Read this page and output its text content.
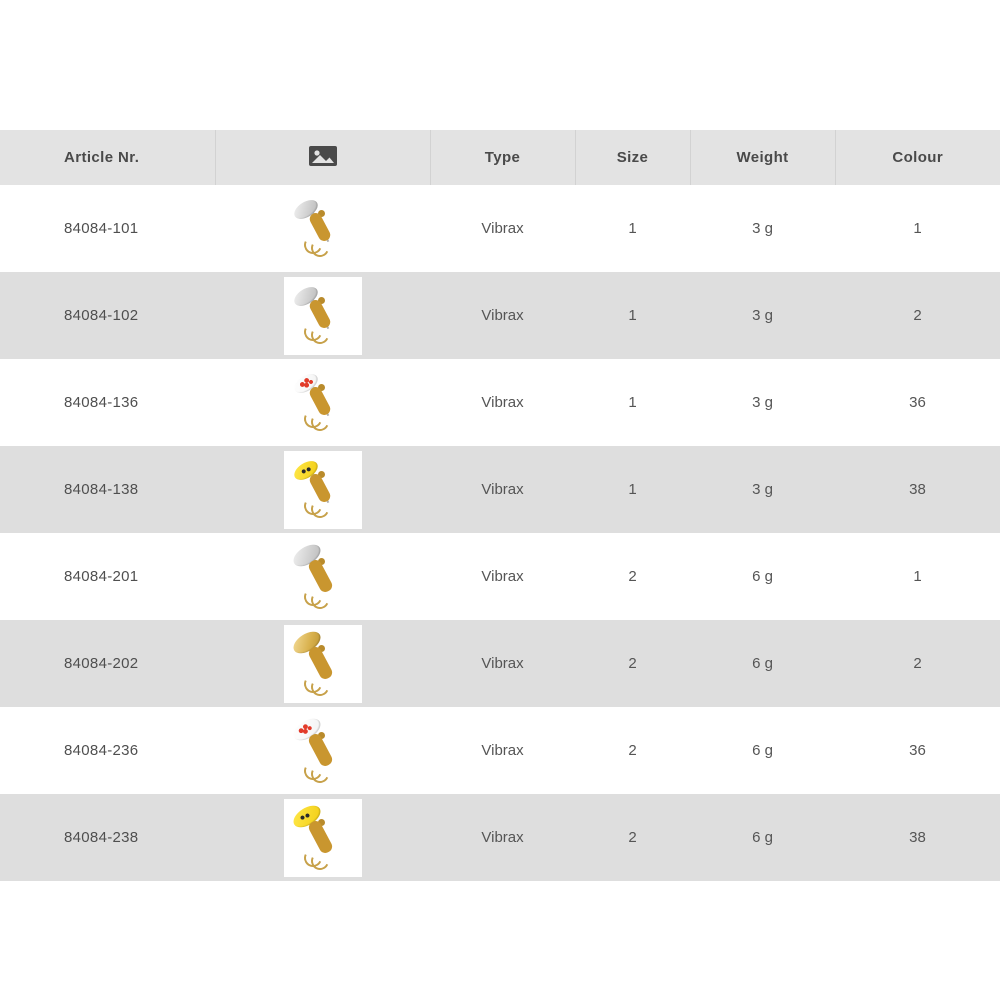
Article Nr.		Type	Size	Weight	Colour
84084-101		Vibrax	1	3 g	1
84084-102		Vibrax	1	3 g	2
84084-136		Vibrax	1	3 g	36
84084-138		Vibrax	1	3 g	38
84084-201		Vibrax	2	6 g	1
84084-202		Vibrax	2	6 g	2
84084-236		Vibrax	2	6 g	36
84084-238		Vibrax	2	6 g	38
